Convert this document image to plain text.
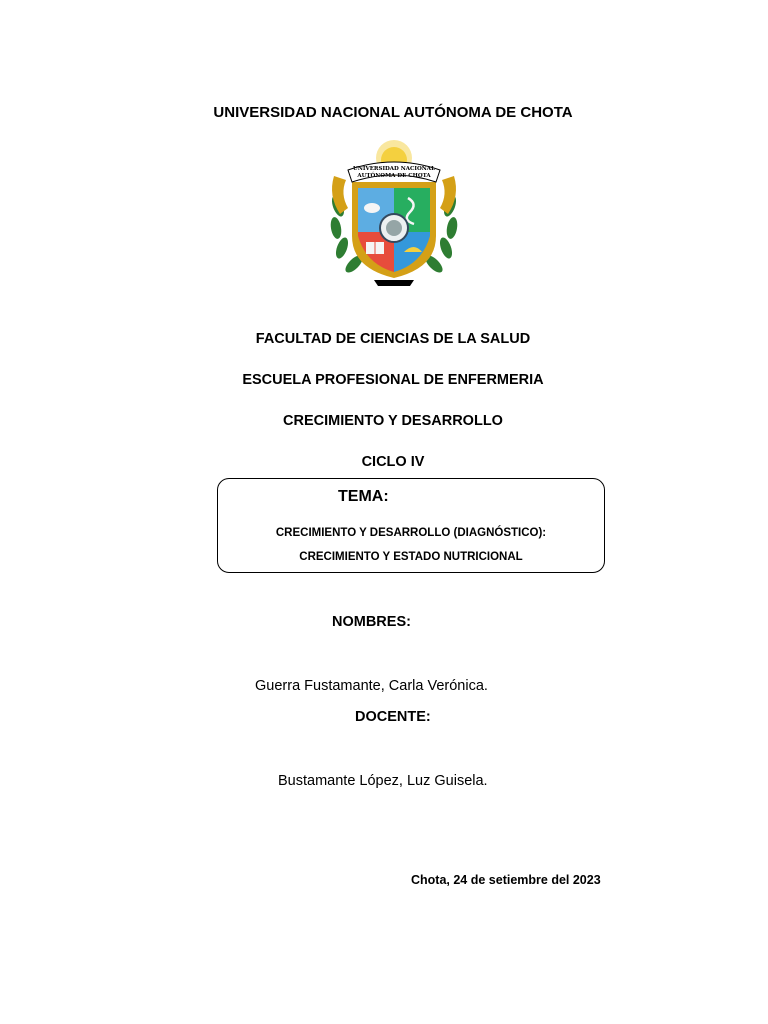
UNIVERSIDAD NACIONAL AUTÓNOMA DE CHOTA
UNIVERSIDAD NACIONAL
AUTÓNOMA DE CHOTA
FACULTAD DE CIENCIAS DE LA SALUD
ESCUELA PROFESIONAL DE ENFERMERIA
CRECIMIENTO Y DESARROLLO
CICLO IV
TEMA:
CRECIMIENTO Y DESARROLLO (DIAGNÓSTICO):
CRECIMIENTO Y ESTADO NUTRICIONAL
NOMBRES:
Guerra Fustamante, Carla Verónica.
DOCENTE:
Bustamante López, Luz Guisela.
Chota, 24 de setiembre del 2023
